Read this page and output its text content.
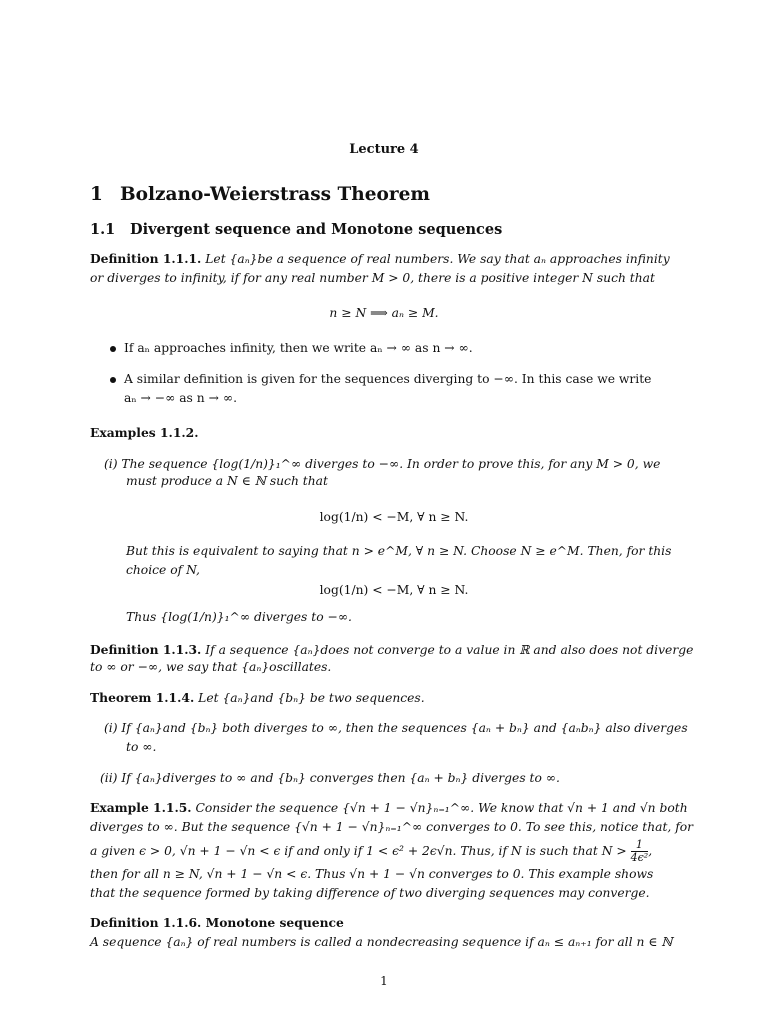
Lecture 4
1 Bolzano-Weierstrass Theorem
1.1 Divergent sequence and Monotone sequences
Definition 1.1.1. Let {aₙ}be a sequence of real numbers. We say that aₙ approaches infinity
or diverges to infinity, if for any real number M > 0, there is a positive integer N such that
n ≥ N ⟹ aₙ ≥ M.
If aₙ approaches infinity, then we write aₙ → ∞ as n → ∞.
A similar definition is given for the sequences diverging to −∞. In this case we write
aₙ → −∞ as n → ∞.
Examples 1.1.2.
(i) The sequence {log(1/n)}₁^∞ diverges to −∞. In order to prove this, for any M > 0, we
must produce a N ∈ ℕ such that
log(1/n) < −M, ∀ n ≥ N.
But this is equivalent to saying that n > e^M, ∀ n ≥ N. Choose N ≥ e^M. Then, for this
choice of N,
log(1/n) < −M, ∀ n ≥ N.
Thus {log(1/n)}₁^∞ diverges to −∞.
Definition 1.1.3. If a sequence {aₙ}does not converge to a value in ℝ and also does not diverge
to ∞ or −∞, we say that {aₙ}oscillates.
Theorem 1.1.4. Let {aₙ}and {bₙ} be two sequences.
(i) If {aₙ}and {bₙ} both diverges to ∞, then the sequences {aₙ + bₙ} and {aₙbₙ} also diverges
to ∞.
(ii) If {aₙ}diverges to ∞ and {bₙ} converges then {aₙ + bₙ} diverges to ∞.
Example 1.1.5. Consider the sequence {√n + 1 − √n}ₙ₌₁^∞. We know that √n + 1 and √n both
diverges to ∞. But the sequence {√n + 1 − √n}ₙ₌₁^∞ converges to 0. To see this, notice that, for
a given ϵ > 0, √n + 1 − √n < ϵ if and only if 1 < ϵ² + 2ϵ√n. Thus, if N is such that $N > \frac{1}{\text{4ϵ²}}$ ,
then for all n ≥ N, √n + 1 − √n < ϵ. Thus √n + 1 − √n converges to 0. This example shows
that the sequence formed by taking difference of two diverging sequences may converge.
Definition 1.1.6. Monotone sequence
A sequence {aₙ} of real numbers is called a nondecreasing sequence if aₙ ≤ aₙ₊₁ for all n ∈ ℕ
1
